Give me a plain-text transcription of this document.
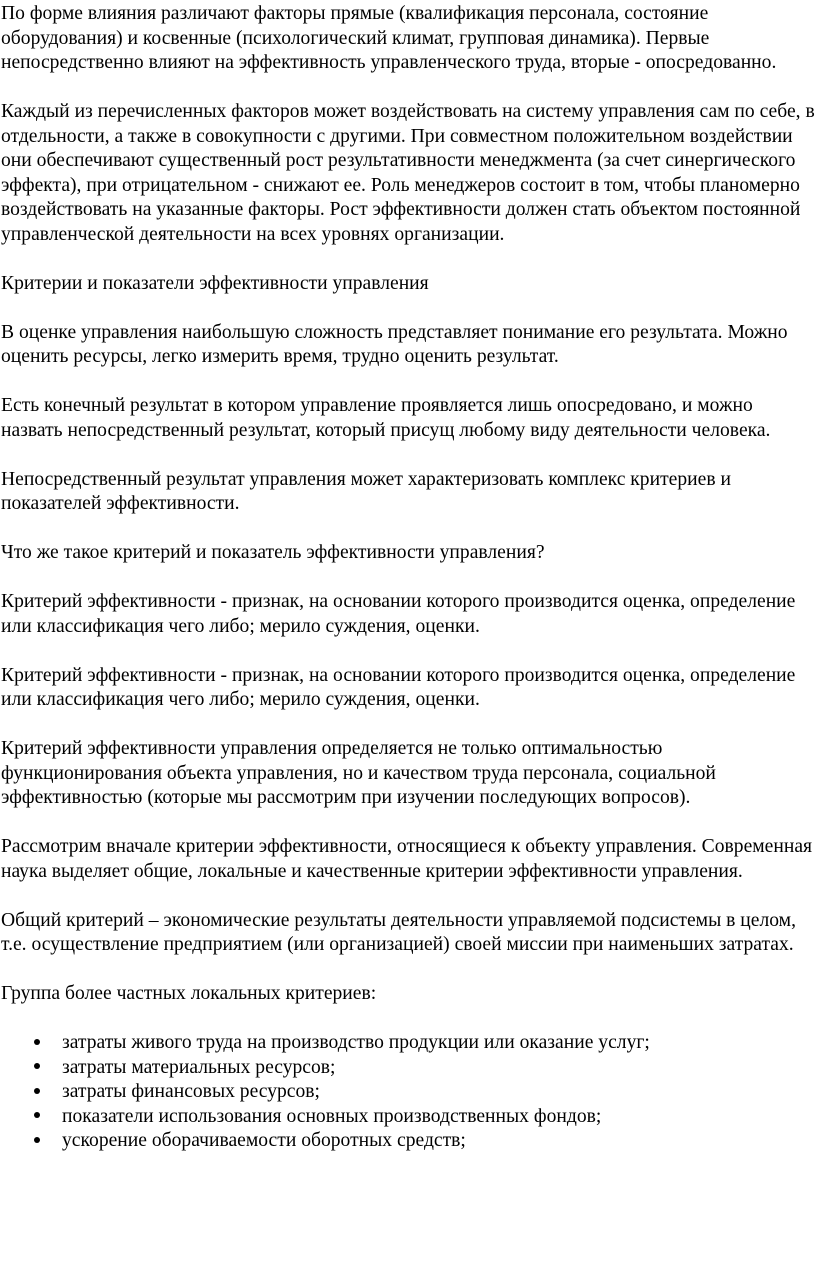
По форме влияния различают факторы прямые (квалификация персонала, состояние оборудования) и косвенные (психологический климат, групповая динамика). Первые непосредственно влияют на эффективность управленческого труда, вторые - опосредованно.

Каждый из перечисленных факторов может воздействовать на систему управления сам по себе, в отдельности, а также в совокупности с другими. При совместном положительном воздействии они обеспечивают существенный рост результативности менеджмента (за счет синергического эффекта), при отрицательном - снижают ее. Роль менеджеров состоит в том, чтобы планомерно воздействовать на указанные факторы. Рост эффективности должен стать объектом постоянной управленческой деятельности на всех уровнях организации.

Критерии и показатели эффективности управления

В оценке управления наибольшую сложность представляет понимание его результата. Можно оценить ресурсы, легко измерить время, трудно оценить результат.

Есть конечный результат в котором управление проявляется лишь опосредовано, и можно назвать непосредственный результат, который присущ любому виду деятельности человека.

Непосредственный результат управления может характеризовать комплекс критериев и показателей эффективности.

Что же такое критерий и показатель эффективности управления?

Критерий эффективности - признак, на основании которого производится оценка, определение или классификация чего либо; мерило суждения, оценки.

Критерий эффективности - признак, на основании которого производится оценка, определение или классификация чего либо; мерило суждения, оценки.

Критерий эффективности управления определяется не только оптимальностью функционирования объекта управления, но и качеством труда персонала, социальной эффективностью (которые мы рассмотрим при изучении последующих вопросов).

Рассмотрим вначале критерии эффективности, относящиеся к объекту управления. Современная наука выделяет общие, локальные и качественные критерии эффективности управления.

Общий критерий – экономические результаты деятельности управляемой подсистемы в целом, т.е. осуществление предприятием (или организацией) своей миссии при наименьших затратах.

Группа более частных локальных критериев:

затраты живого труда на производство продукции или оказание услуг;
затраты материальных ресурсов;
затраты финансовых ресурсов;
показатели использования основных производственных фондов;
ускорение оборачиваемости оборотных средств;
